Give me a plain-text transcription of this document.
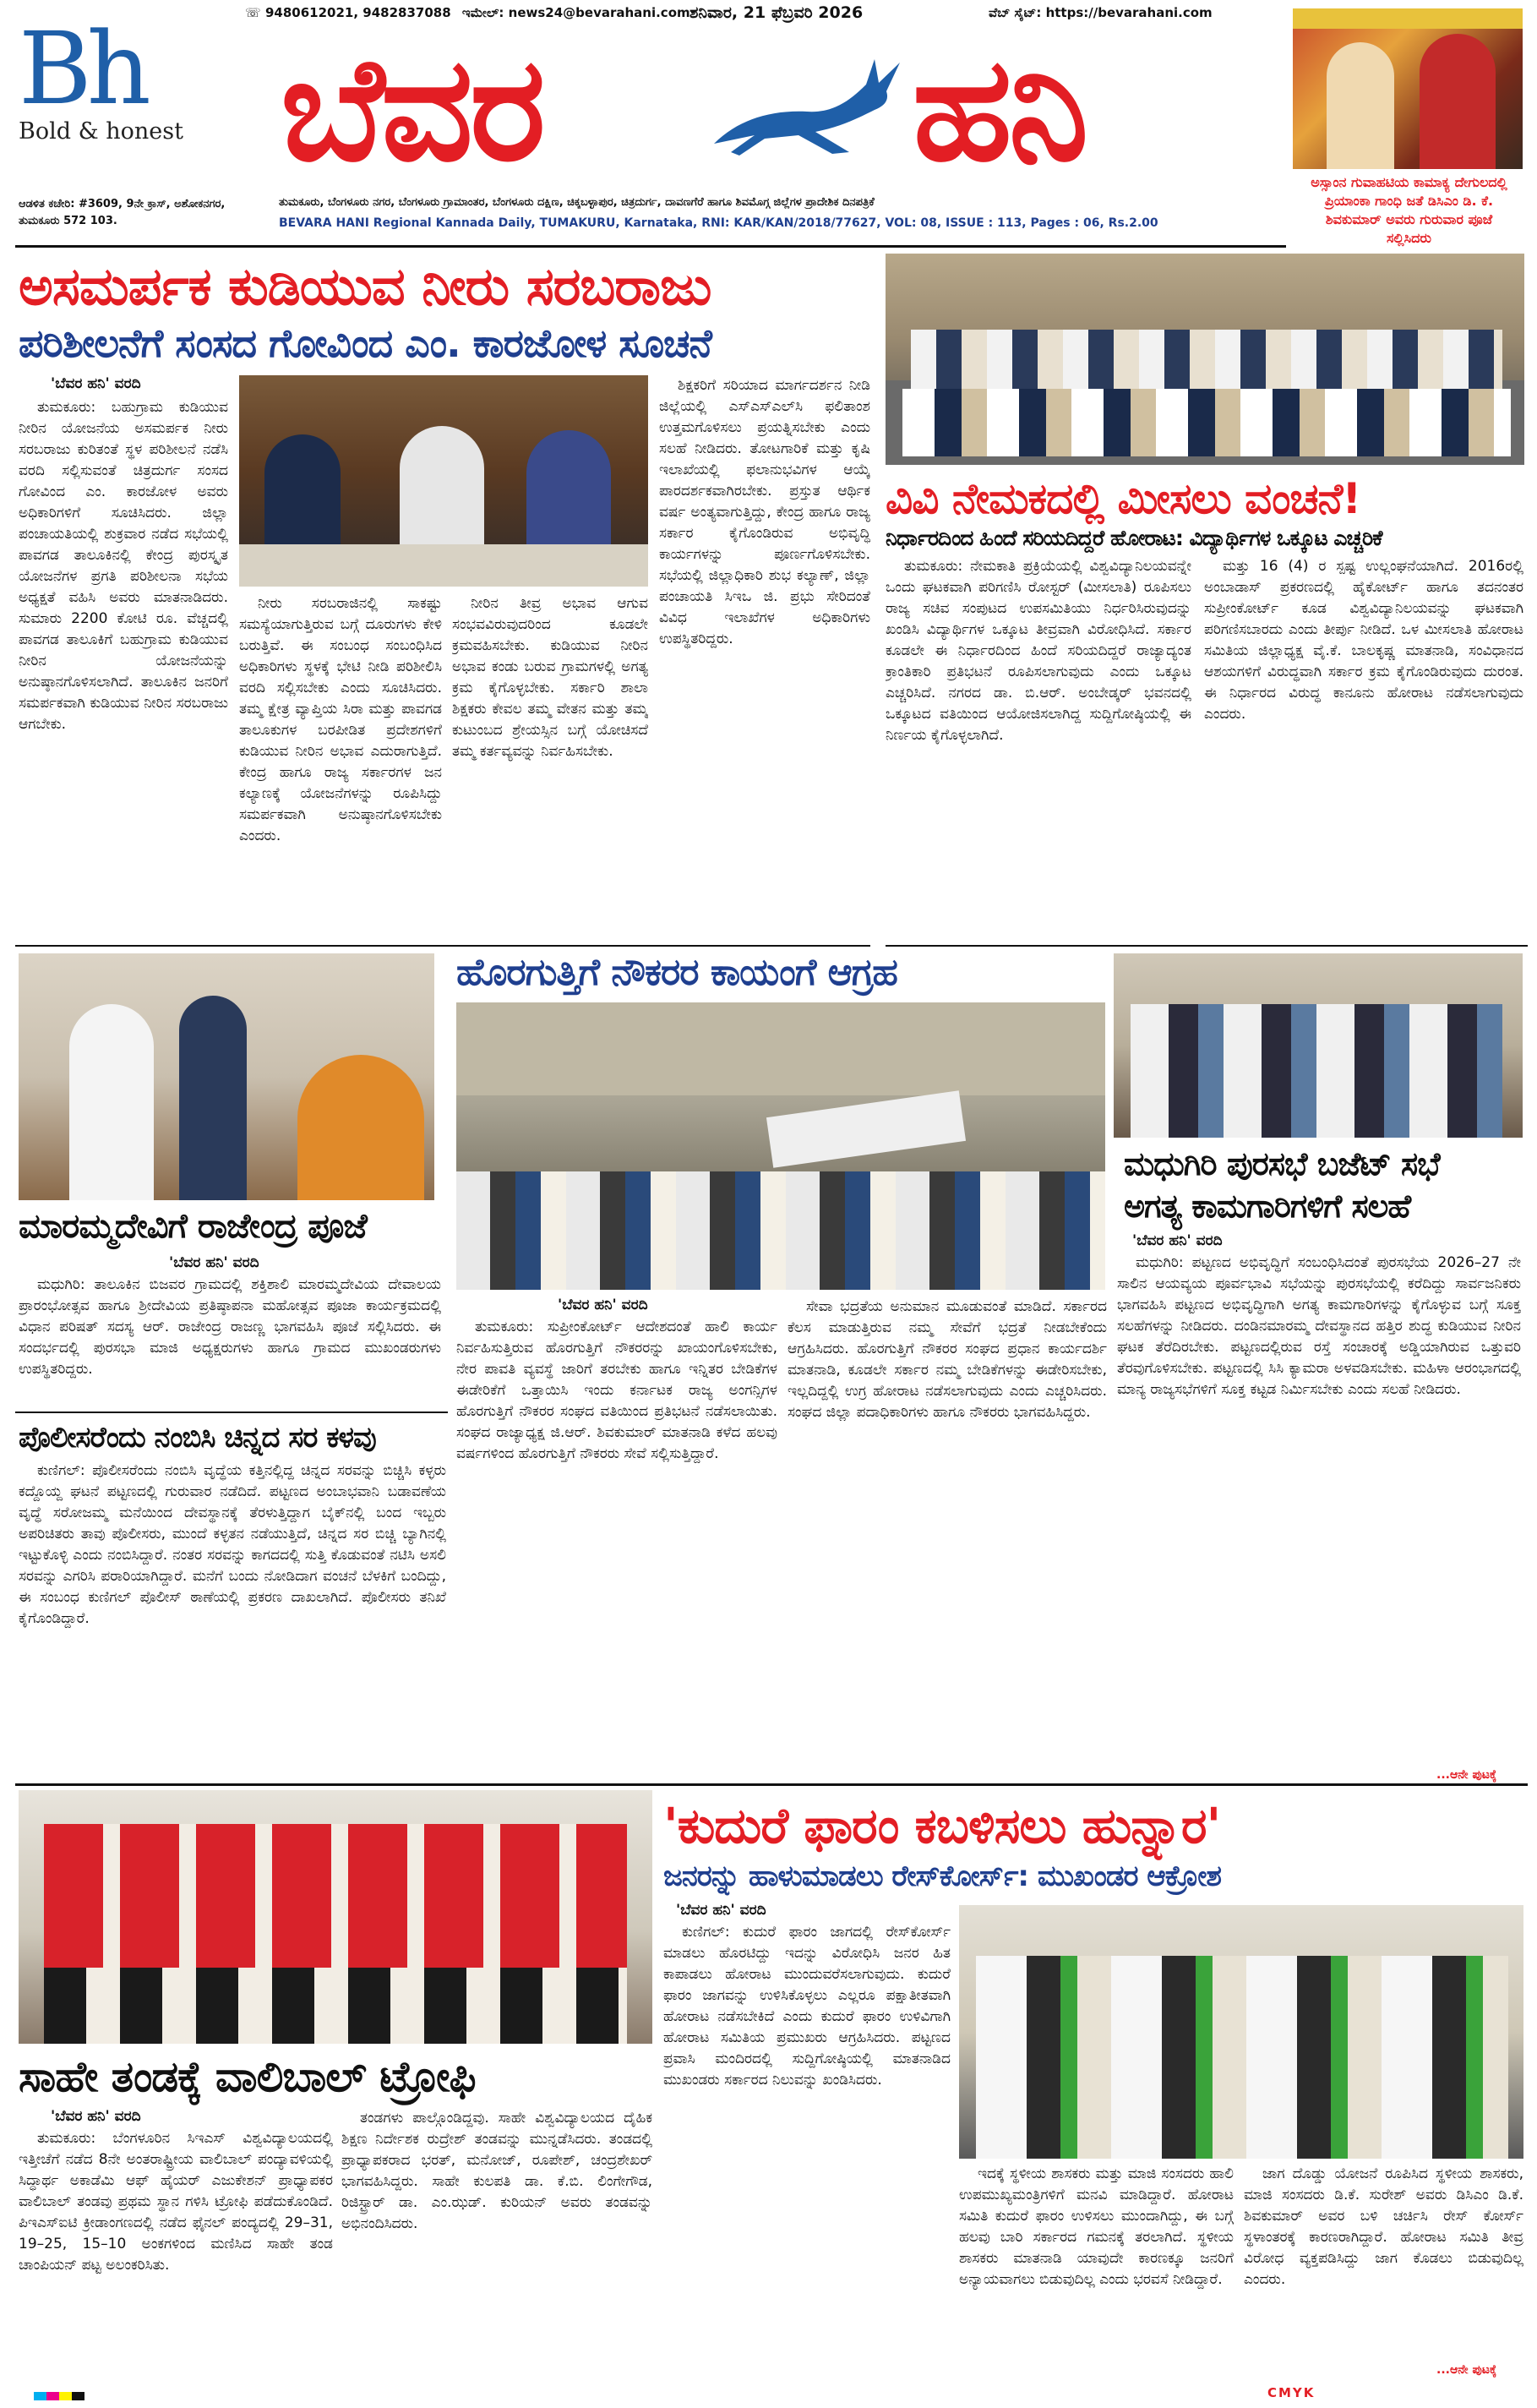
Bh
Bold & honest
☏ 9480612021, 9482837088 ಇಮೇಲ್: news24@bevarahani.com ಶನಿವಾರ, 21 ಫೆಬ್ರವರಿ 2026	ವೆಬ್ ಸೈಟ್: https://bevarahani.com
ಬೆವರ	ಹನಿ	ಅಸ್ಸಾಂನ ಗುವಾಹಟಿಯ ಕಾಮಾಕ್ಯ ದೇಗುಲದಲ್ಲಿ ಪ್ರಿಯಾಂಕಾ ಗಾಂಧಿ ಜತೆ ಡಿಸಿಎಂ ಡಿ. ಕೆ. ಶಿವಕುಮಾರ್ ಅವರು ಗುರುವಾರ ಪೂಜೆ ಸಲ್ಲಿಸಿದರು
ಆಡಳಿತ ಕಚೇರಿ: #3609, 9ನೇ ಕ್ರಾಸ್, ಅಶೋಕನಗರ, ತುಮಕೂರು 572 103.
ತುಮಕೂರು, ಬೆಂಗಳೂರು ನಗರ, ಬೆಂಗಳೂರು ಗ್ರಾಮಾಂತರ, ಬೆಂಗಳೂರು ದಕ್ಷಿಣ, ಚಿಕ್ಕಬಳ್ಳಾಪುರ, ಚಿತ್ರದುರ್ಗ, ದಾವಣಗೆರೆ ಹಾಗೂ ಶಿವಮೊಗ್ಗ ಜಿಲ್ಲೆಗಳ ಪ್ರಾದೇಶಿಕ ದಿನಪತ್ರಿಕೆ
BEVARA HANI Regional Kannada Daily, TUMAKURU, Karnataka, RNI: KAR/KAN/2018/77627, VOL: 08, ISSUE : 113, Pages : 06, Rs.2.00
ಅಸಮರ್ಪಕ ಕುಡಿಯುವ ನೀರು ಸರಬರಾಜು
ಪರಿಶೀಲನೆಗೆ ಸಂಸದ ಗೋವಿಂದ ಎಂ. ಕಾರಜೋಳ ಸೂಚನೆ
'ಬೆವರ ಹನಿ' ವರದಿ

ತುಮಕೂರು: ಬಹುಗ್ರಾಮ ಕುಡಿಯುವ ನೀರಿನ ಯೋಜನೆಯ ಅಸಮರ್ಪಕ ನೀರು ಸರಬರಾಜು ಕುರಿತಂತೆ ಸ್ಥಳ ಪರಿಶೀಲನೆ ನಡೆಸಿ ವರದಿ ಸಲ್ಲಿಸುವಂತೆ ಚಿತ್ರದುರ್ಗ ಸಂಸದ ಗೋವಿಂದ ಎಂ. ಕಾರಜೋಳ ಅವರು ಅಧಿಕಾರಿಗಳಿಗೆ ಸೂಚಿಸಿದರು. ಜಿಲ್ಲಾ ಪಂಚಾಯತಿಯಲ್ಲಿ ಶುಕ್ರವಾರ ನಡೆದ ಸಭೆಯಲ್ಲಿ ಪಾವಗಡ ತಾಲೂಕಿನಲ್ಲಿ ಕೇಂದ್ರ ಪುರಸ್ಕೃತ ಯೋಜನೆಗಳ ಪ್ರಗತಿ ಪರಿಶೀಲನಾ ಸಭೆಯ ಅಧ್ಯಕ್ಷತೆ ವಹಿಸಿ ಅವರು ಮಾತನಾಡಿದರು. ಸುಮಾರು 2200 ಕೋಟಿ ರೂ. ವೆಚ್ಚದಲ್ಲಿ ಪಾವಗಡ ತಾಲೂಕಿಗೆ ಬಹುಗ್ರಾಮ ಕುಡಿಯುವ ನೀರಿನ ಯೋಜನೆಯನ್ನು ಅನುಷ್ಠಾನಗೊಳಿಸಲಾಗಿದೆ. ತಾಲೂಕಿನ ಜನರಿಗೆ ಸಮರ್ಪಕವಾಗಿ ಕುಡಿಯುವ ನೀರಿನ ಸರಬರಾಜು ಆಗಬೇಕು.

ನೀರು ಸರಬರಾಜಿನಲ್ಲಿ ಸಾಕಷ್ಟು ಸಮಸ್ಯೆಯಾಗುತ್ತಿರುವ ಬಗ್ಗೆ ದೂರುಗಳು ಕೇಳಿ ಬರುತ್ತಿವೆ. ಈ ಸಂಬಂಧ ಸಂಬಂಧಿಸಿದ ಅಧಿಕಾರಿಗಳು ಸ್ಥಳಕ್ಕೆ ಭೇಟಿ ನೀಡಿ ಪರಿಶೀಲಿಸಿ ವರದಿ ಸಲ್ಲಿಸಬೇಕು ಎಂದು ಸೂಚಿಸಿದರು. ತಮ್ಮ ಕ್ಷೇತ್ರ ವ್ಯಾಪ್ತಿಯ ಸಿರಾ ಮತ್ತು ಪಾವಗಡ ತಾಲೂಕುಗಳ ಬರಪೀಡಿತ ಪ್ರದೇಶಗಳಿಗೆ ಕುಡಿಯುವ ನೀರಿನ ಅಭಾವ ಎದುರಾಗುತ್ತಿದೆ. ಕೇಂದ್ರ ಹಾಗೂ ರಾಜ್ಯ ಸರ್ಕಾರಗಳ ಜನ ಕಲ್ಯಾಣಕ್ಕೆ ಯೋಜನೆಗಳನ್ನು ರೂಪಿಸಿದ್ದು ಸಮರ್ಪಕವಾಗಿ ಅನುಷ್ಠಾನಗೊಳಿಸಬೇಕು ಎಂದರು.

ನೀರಿನ ತೀವ್ರ ಅಭಾವ ಆಗುವ ಸಂಭವವಿರುವುದರಿಂದ ಕೂಡಲೇ ಕ್ರಮವಹಿಸಬೇಕು. ಕುಡಿಯುವ ನೀರಿನ ಅಭಾವ ಕಂಡು ಬರುವ ಗ್ರಾಮಗಳಲ್ಲಿ ಅಗತ್ಯ ಕ್ರಮ ಕೈಗೊಳ್ಳಬೇಕು. ಸರ್ಕಾರಿ ಶಾಲಾ ಶಿಕ್ಷಕರು ಕೇವಲ ತಮ್ಮ ವೇತನ ಮತ್ತು ತಮ್ಮ ಕುಟುಂಬದ ಶ್ರೇಯಸ್ಸಿನ ಬಗ್ಗೆ ಯೋಚಿಸದೆ ತಮ್ಮ ಕರ್ತವ್ಯವನ್ನು ನಿರ್ವಹಿಸಬೇಕು.

ಶಿಕ್ಷಕರಿಗೆ ಸರಿಯಾದ ಮಾರ್ಗದರ್ಶನ ನೀಡಿ ಜಿಲ್ಲೆಯಲ್ಲಿ ಎಸ್‌ಎಸ್‌ಎಲ್‌ಸಿ ಫಲಿತಾಂಶ ಉತ್ತಮಗೊಳಿಸಲು ಪ್ರಯತ್ನಿಸಬೇಕು ಎಂದು ಸಲಹೆ ನೀಡಿದರು. ತೋಟಗಾರಿಕೆ ಮತ್ತು ಕೃಷಿ ಇಲಾಖೆಯಲ್ಲಿ ಫಲಾನುಭವಿಗಳ ಆಯ್ಕೆ ಪಾರದರ್ಶಕವಾಗಿರಬೇಕು. ಪ್ರಸ್ತುತ ಆರ್ಥಿಕ ವರ್ಷ ಅಂತ್ಯವಾಗುತ್ತಿದ್ದು, ಕೇಂದ್ರ ಹಾಗೂ ರಾಜ್ಯ ಸರ್ಕಾರ ಕೈಗೊಂಡಿರುವ ಅಭಿವೃದ್ಧಿ ಕಾರ್ಯಗಳನ್ನು ಪೂರ್ಣಗೊಳಿಸಬೇಕು. ಸಭೆಯಲ್ಲಿ ಜಿಲ್ಲಾಧಿಕಾರಿ ಶುಭ ಕಲ್ಯಾಣ್, ಜಿಲ್ಲಾ ಪಂಚಾಯತಿ ಸಿಇಒ ಜಿ. ಪ್ರಭು ಸೇರಿದಂತೆ ವಿವಿಧ ಇಲಾಖೆಗಳ ಅಧಿಕಾರಿಗಳು ಉಪಸ್ಥಿತರಿದ್ದರು.

ವಿವಿ ನೇಮಕದಲ್ಲಿ ಮೀಸಲು ವಂಚನೆ!
ನಿರ್ಧಾರದಿಂದ ಹಿಂದೆ ಸರಿಯದಿದ್ದರೆ ಹೋರಾಟ: ವಿದ್ಯಾರ್ಥಿಗಳ ಒಕ್ಕೂಟ ಎಚ್ಚರಿಕೆ

ತುಮಕೂರು: ನೇಮಕಾತಿ ಪ್ರಕ್ರಿಯೆಯಲ್ಲಿ ವಿಶ್ವವಿದ್ಯಾನಿಲಯವನ್ನೇ ಒಂದು ಘಟಕವಾಗಿ ಪರಿಗಣಿಸಿ ರೋಸ್ಟರ್ (ಮೀಸಲಾತಿ) ರೂಪಿಸಲು ರಾಜ್ಯ ಸಚಿವ ಸಂಪುಟದ ಉಪಸಮಿತಿಯು ನಿರ್ಧರಿಸಿರುವುದನ್ನು ಖಂಡಿಸಿ ವಿದ್ಯಾರ್ಥಿಗಳ ಒಕ್ಕೂಟ ತೀವ್ರವಾಗಿ ವಿರೋಧಿಸಿದೆ. ಸರ್ಕಾರ ಕೂಡಲೇ ಈ ನಿರ್ಧಾರದಿಂದ ಹಿಂದೆ ಸರಿಯದಿದ್ದರೆ ರಾಜ್ಯಾದ್ಯಂತ ಕ್ರಾಂತಿಕಾರಿ ಪ್ರತಿಭಟನೆ ರೂಪಿಸಲಾಗುವುದು ಎಂದು ಒಕ್ಕೂಟ ಎಚ್ಚರಿಸಿದೆ. ನಗರದ ಡಾ. ಬಿ.ಆರ್. ಅಂಬೇಡ್ಕರ್ ಭವನದಲ್ಲಿ ಒಕ್ಕೂಟದ ವತಿಯಿಂದ ಆಯೋಜಿಸಲಾಗಿದ್ದ ಸುದ್ದಿಗೋಷ್ಠಿಯಲ್ಲಿ ಈ ನಿರ್ಣಯ ಕೈಗೊಳ್ಳಲಾಗಿದೆ.

ಮತ್ತು 16 (4) ರ ಸ್ಪಷ್ಟ ಉಲ್ಲಂಘನೆಯಾಗಿದೆ. 2016ರಲ್ಲಿ ಅಂಬಾಡಾಸ್ ಪ್ರಕರಣದಲ್ಲಿ ಹೈಕೋರ್ಟ್ ಹಾಗೂ ತದನಂತರ ಸುಪ್ರೀಂಕೋರ್ಟ್ ಕೂಡ ವಿಶ್ವವಿದ್ಯಾನಿಲಯವನ್ನು ಘಟಕವಾಗಿ ಪರಿಗಣಿಸಬಾರದು ಎಂದು ತೀರ್ಪು ನೀಡಿದೆ. ಒಳ ಮೀಸಲಾತಿ ಹೋರಾಟ ಸಮಿತಿಯ ಜಿಲ್ಲಾಧ್ಯಕ್ಷ ವೈ.ಕೆ. ಬಾಲಕೃಷ್ಣ ಮಾತನಾಡಿ, ಸಂವಿಧಾನದ ಆಶಯಗಳಿಗೆ ವಿರುದ್ಧವಾಗಿ ಸರ್ಕಾರ ಕ್ರಮ ಕೈಗೊಂಡಿರುವುದು ದುರಂತ. ಈ ನಿರ್ಧಾರದ ವಿರುದ್ಧ ಕಾನೂನು ಹೋರಾಟ ನಡೆಸಲಾಗುವುದು ಎಂದರು.

ಮಾರಮ್ಮದೇವಿಗೆ ರಾಜೇಂದ್ರ ಪೂಜೆ
'ಬೆವರ ಹನಿ' ವರದಿ

ಮಧುಗಿರಿ: ತಾಲೂಕಿನ ಬಿಜವರ ಗ್ರಾಮದಲ್ಲಿ ಶಕ್ತಿಶಾಲಿ ಮಾರಮ್ಮದೇವಿಯ ದೇವಾಲಯ ಪ್ರಾರಂಭೋತ್ಸವ ಹಾಗೂ ಶ್ರೀದೇವಿಯ ಪ್ರತಿಷ್ಠಾಪನಾ ಮಹೋತ್ಸವ ಪೂಜಾ ಕಾರ್ಯಕ್ರಮದಲ್ಲಿ ವಿಧಾನ ಪರಿಷತ್ ಸದಸ್ಯ ಆರ್. ರಾಜೇಂದ್ರ ರಾಜಣ್ಣ ಭಾಗವಹಿಸಿ ಪೂಜೆ ಸಲ್ಲಿಸಿದರು. ಈ ಸಂದರ್ಭದಲ್ಲಿ ಪುರಸಭಾ ಮಾಜಿ ಅಧ್ಯಕ್ಷರುಗಳು ಹಾಗೂ ಗ್ರಾಮದ ಮುಖಂಡರುಗಳು ಉಪಸ್ಥಿತರಿದ್ದರು.

ಹೊರಗುತ್ತಿಗೆ ನೌಕರರ ಕಾಯಂಗೆ ಆಗ್ರಹ
'ಬೆವರ ಹನಿ' ವರದಿ

ತುಮಕೂರು: ಸುಪ್ರೀಂಕೋರ್ಟ್ ಆದೇಶದಂತೆ ಹಾಲಿ ಕಾರ್ಯ ನಿರ್ವಹಿಸುತ್ತಿರುವ ಹೊರಗುತ್ತಿಗೆ ನೌಕರರನ್ನು ಖಾಯಂಗೊಳಿಸಬೇಕು, ನೇರ ಪಾವತಿ ವ್ಯವಸ್ಥೆ ಜಾರಿಗೆ ತರಬೇಕು ಹಾಗೂ ಇನ್ನಿತರ ಬೇಡಿಕೆಗಳ ಈಡೇರಿಕೆಗೆ ಒತ್ತಾಯಿಸಿ ಇಂದು ಕರ್ನಾಟಕ ರಾಜ್ಯ ಅಂಗನ್ಸಿಗಳ ಹೊರಗುತ್ತಿಗೆ ನೌಕರರ ಸಂಘದ ವತಿಯಿಂದ ಪ್ರತಿಭಟನೆ ನಡೆಸಲಾಯಿತು. ಸಂಘದ ರಾಜ್ಯಾಧ್ಯಕ್ಷ ಜಿ.ಆರ್. ಶಿವಕುಮಾರ್ ಮಾತನಾಡಿ ಕಳೆದ ಹಲವು ವರ್ಷಗಳಿಂದ ಹೊರಗುತ್ತಿಗೆ ನೌಕರರು ಸೇವೆ ಸಲ್ಲಿಸುತ್ತಿದ್ದಾರೆ.

ಸೇವಾ ಭದ್ರತೆಯ ಅನುಮಾನ ಮೂಡುವಂತೆ ಮಾಡಿದೆ. ಸರ್ಕಾರದ ಕೆಲಸ ಮಾಡುತ್ತಿರುವ ನಮ್ಮ ಸೇವೆಗೆ ಭದ್ರತೆ ನೀಡಬೇಕೆಂದು ಆಗ್ರಹಿಸಿದರು. ಹೊರಗುತ್ತಿಗೆ ನೌಕರರ ಸಂಘದ ಪ್ರಧಾನ ಕಾರ್ಯದರ್ಶಿ ಮಾತನಾಡಿ, ಕೂಡಲೇ ಸರ್ಕಾರ ನಮ್ಮ ಬೇಡಿಕೆಗಳನ್ನು ಈಡೇರಿಸಬೇಕು, ಇಲ್ಲದಿದ್ದಲ್ಲಿ ಉಗ್ರ ಹೋರಾಟ ನಡೆಸಲಾಗುವುದು ಎಂದು ಎಚ್ಚರಿಸಿದರು. ಸಂಘದ ಜಿಲ್ಲಾ ಪದಾಧಿಕಾರಿಗಳು ಹಾಗೂ ನೌಕರರು ಭಾಗವಹಿಸಿದ್ದರು.

ಮಧುಗಿರಿ ಪುರಸಭೆ ಬಜೆಟ್ ಸಭೆ
ಅಗತ್ಯ ಕಾಮಗಾರಿಗಳಿಗೆ ಸಲಹೆ
'ಬೆವರ ಹನಿ' ವರದಿ

ಮಧುಗಿರಿ: ಪಟ್ಟಣದ ಅಭಿವೃದ್ಧಿಗೆ ಸಂಬಂಧಿಸಿದಂತೆ ಪುರಸಭೆಯ 2026–27 ನೇ ಸಾಲಿನ ಆಯವ್ಯಯ ಪೂರ್ವಭಾವಿ ಸಭೆಯನ್ನು ಪುರಸಭೆಯಲ್ಲಿ ಕರೆದಿದ್ದು ಸಾರ್ವಜನಿಕರು ಭಾಗವಹಿಸಿ ಪಟ್ಟಣದ ಅಭಿವೃದ್ಧಿಗಾಗಿ ಅಗತ್ಯ ಕಾಮಗಾರಿಗಳನ್ನು ಕೈಗೊಳ್ಳುವ ಬಗ್ಗೆ ಸೂಕ್ತ ಸಲಹೆಗಳನ್ನು ನೀಡಿದರು. ದಂಡಿನಮಾರಮ್ಮ ದೇವಸ್ಥಾನದ ಹತ್ತಿರ ಶುದ್ಧ ಕುಡಿಯುವ ನೀರಿನ ಘಟಕ ತೆರೆದಿರಬೇಕು. ಪಟ್ಟಣದಲ್ಲಿರುವ ರಸ್ತೆ ಸಂಚಾರಕ್ಕೆ ಅಡ್ಡಿಯಾಗಿರುವ ಒತ್ತುವರಿ ತೆರವುಗೊಳಿಸಬೇಕು. ಪಟ್ಟಣದಲ್ಲಿ ಸಿಸಿ ಕ್ಯಾಮರಾ ಅಳವಡಿಸಬೇಕು. ಮಹಿಳಾ ಆರಂಭಾಗದಲ್ಲಿ ಮಾನ್ಯ ರಾಜ್ಯಸಭೆಗಳಿಗೆ ಸೂಕ್ತ ಕಟ್ಟಡ ನಿರ್ಮಿಸಬೇಕು ಎಂದು ಸಲಹೆ ನೀಡಿದರು.

...ಆನೇ ಪುಟಕ್ಕೆ
ಪೊಲೀಸರೆಂದು ನಂಬಿಸಿ ಚಿನ್ನದ ಸರ ಕಳವು

ಕುಣಿಗಲ್: ಪೊಲೀಸರೆಂದು ನಂಬಿಸಿ ವೃದ್ಧೆಯ ಕತ್ತಿನಲ್ಲಿದ್ದ ಚಿನ್ನದ ಸರವನ್ನು ಬಿಚ್ಚಿಸಿ ಕಳ್ಳರು ಕದ್ದೊಯ್ದ ಘಟನೆ ಪಟ್ಟಣದಲ್ಲಿ ಗುರುವಾರ ನಡೆದಿದೆ. ಪಟ್ಟಣದ ಅಂಬಾಭವಾನಿ ಬಡಾವಣೆಯ ವೃದ್ಧೆ ಸರೋಜಮ್ಮ ಮನೆಯಿಂದ ದೇವಸ್ಥಾನಕ್ಕೆ ತೆರಳುತ್ತಿದ್ದಾಗ ಬೈಕ್‌ನಲ್ಲಿ ಬಂದ ಇಬ್ಬರು ಅಪರಿಚಿತರು ತಾವು ಪೊಲೀಸರು, ಮುಂದೆ ಕಳ್ಳತನ ನಡೆಯುತ್ತಿದೆ, ಚಿನ್ನದ ಸರ ಬಿಚ್ಚಿ ಬ್ಯಾಗಿನಲ್ಲಿ ಇಟ್ಟುಕೊಳ್ಳಿ ಎಂದು ನಂಬಿಸಿದ್ದಾರೆ. ನಂತರ ಸರವನ್ನು ಕಾಗದದಲ್ಲಿ ಸುತ್ತಿ ಕೊಡುವಂತೆ ನಟಿಸಿ ಅಸಲಿ ಸರವನ್ನು ಎಗರಿಸಿ ಪರಾರಿಯಾಗಿದ್ದಾರೆ. ಮನೆಗೆ ಬಂದು ನೋಡಿದಾಗ ವಂಚನೆ ಬೆಳಕಿಗೆ ಬಂದಿದ್ದು, ಈ ಸಂಬಂಧ ಕುಣಿಗಲ್ ಪೊಲೀಸ್ ಠಾಣೆಯಲ್ಲಿ ಪ್ರಕರಣ ದಾಖಲಾಗಿದೆ. ಪೊಲೀಸರು ತನಿಖೆ ಕೈಗೊಂಡಿದ್ದಾರೆ.

ಸಾಹೇ ತಂಡಕ್ಕೆ ವಾಲಿಬಾಲ್ ಟ್ರೋಫಿ
'ಬೆವರ ಹನಿ' ವರದಿ

ತುಮಕೂರು: ಬೆಂಗಳೂರಿನ ಸಿಇಎಸ್ ವಿಶ್ವವಿದ್ಯಾಲಯದಲ್ಲಿ ಇತ್ತೀಚೆಗೆ ನಡೆದ 8ನೇ ಅಂತರಾಷ್ಟ್ರೀಯ ವಾಲಿಬಾಲ್ ಪಂದ್ಯಾವಳಿಯಲ್ಲಿ ಸಿದ್ಧಾರ್ಥ ಅಕಾಡೆಮಿ ಆಫ್ ಹೈಯರ್ ಎಜುಕೇಶನ್‌ ಪ್ರಾಧ್ಯಾಪಕರ ವಾಲಿಬಾಲ್ ತಂಡವು ಪ್ರಥಮ ಸ್ಥಾನ ಗಳಿಸಿ ಟ್ರೋಫಿ ಪಡೆದುಕೊಂಡಿದೆ. ಪಿಇಎಸ್‌ಐಟಿ ಕ್ರೀಡಾಂಗಣದಲ್ಲಿ ನಡೆದ ಫೈನಲ್ ಪಂದ್ಯದಲ್ಲಿ 29–31, 19–25, 15–10 ಅಂಕಗಳಿಂದ ಮಣಿಸಿದ ಸಾಹೇ ತಂಡ ಚಾಂಪಿಯನ್ ಪಟ್ಟ ಅಲಂಕರಿಸಿತು.

ತಂಡಗಳು ಪಾಲ್ಗೊಂಡಿದ್ದವು. ಸಾಹೇ ವಿಶ್ವವಿದ್ಯಾಲಯದ ದೈಹಿಕ ಶಿಕ್ಷಣ ನಿರ್ದೇಶಕ ರುದ್ರೇಶ್ ತಂಡವನ್ನು ಮುನ್ನಡೆಸಿದರು. ತಂಡದಲ್ಲಿ ಪ್ರಾಧ್ಯಾಪಕರಾದ ಭರತ್, ಮನೋಜ್, ರೂಪೇಶ್, ಚಂದ್ರಶೇಖರ್ ಭಾಗವಹಿಸಿದ್ದರು. ಸಾಹೇ ಕುಲಪತಿ ಡಾ. ಕೆ.ಬಿ. ಲಿಂಗೇಗೌಡ, ರಿಜಿಸ್ಟ್ರಾರ್ ಡಾ. ಎಂ.ಝಡ್. ಕುರಿಯನ್ ಅವರು ತಂಡವನ್ನು ಅಭಿನಂದಿಸಿದರು.

'ಕುದುರೆ ಫಾರಂ ಕಬಳಿಸಲು ಹುನ್ನಾರ'
ಜನರನ್ನು ಹಾಳುಮಾಡಲು ರೇಸ್‌ಕೋರ್ಸ್: ಮುಖಂಡರ ಆಕ್ರೋಶ
'ಬೆವರ ಹನಿ' ವರದಿ

ಕುಣಿಗಲ್: ಕುದುರೆ ಫಾರಂ ಜಾಗದಲ್ಲಿ ರೇಸ್‌ಕೋರ್ಸ್ ಮಾಡಲು ಹೊರಟಿದ್ದು ಇದನ್ನು ವಿರೋಧಿಸಿ ಜನರ ಹಿತ ಕಾಪಾಡಲು ಹೋರಾಟ ಮುಂದುವರೆಸಲಾಗುವುದು. ಕುದುರೆ ಫಾರಂ ಜಾಗವನ್ನು ಉಳಿಸಿಕೊಳ್ಳಲು ಎಲ್ಲರೂ ಪಕ್ಷಾತೀತವಾಗಿ ಹೋರಾಟ ನಡೆಸಬೇಕಿದೆ ಎಂದು ಕುದುರೆ ಫಾರಂ ಉಳಿವಿಗಾಗಿ ಹೋರಾಟ ಸಮಿತಿಯ ಪ್ರಮುಖರು ಆಗ್ರಹಿಸಿದರು. ಪಟ್ಟಣದ ಪ್ರವಾಸಿ ಮಂದಿರದಲ್ಲಿ ಸುದ್ದಿಗೋಷ್ಠಿಯಲ್ಲಿ ಮಾತನಾಡಿದ ಮುಖಂಡರು ಸರ್ಕಾರದ ನಿಲುವನ್ನು ಖಂಡಿಸಿದರು.

ಇದಕ್ಕೆ ಸ್ಥಳೀಯ ಶಾಸಕರು ಮತ್ತು ಮಾಜಿ ಸಂಸದರು ಹಾಲಿ ಉಪಮುಖ್ಯಮಂತ್ರಿಗಳಿಗೆ ಮನವಿ ಮಾಡಿದ್ದಾರೆ. ಹೋರಾಟ ಸಮಿತಿ ಕುದುರೆ ಫಾರಂ ಉಳಿಸಲು ಮುಂದಾಗಿದ್ದು, ಈ ಬಗ್ಗೆ ಹಲವು ಬಾರಿ ಸರ್ಕಾರದ ಗಮನಕ್ಕೆ ತರಲಾಗಿದೆ. ಸ್ಥಳೀಯ ಶಾಸಕರು ಮಾತನಾಡಿ ಯಾವುದೇ ಕಾರಣಕ್ಕೂ ಜನರಿಗೆ ಅನ್ಯಾಯವಾಗಲು ಬಿಡುವುದಿಲ್ಲ ಎಂದು ಭರವಸೆ ನೀಡಿದ್ದಾರೆ.

ಜಾಗ ದೊಡ್ಡು ಯೋಜನೆ ರೂಪಿಸಿದ ಸ್ಥಳೀಯ ಶಾಸಕರು, ಮಾಜಿ ಸಂಸದರು ಡಿ.ಕೆ. ಸುರೇಶ್ ಅವರು ಡಿಸಿಎಂ ಡಿ.ಕೆ. ಶಿವಕುಮಾರ್ ಅವರ ಬಳಿ ಚರ್ಚಿಸಿ ರೇಸ್ ಕೋರ್ಸ್ ಸ್ಥಳಾಂತರಕ್ಕೆ ಕಾರಣರಾಗಿದ್ದಾರೆ. ಹೋರಾಟ ಸಮಿತಿ ತೀವ್ರ ವಿರೋಧ ವ್ಯಕ್ತಪಡಿಸಿದ್ದು ಜಾಗ ಕೊಡಲು ಬಿಡುವುದಿಲ್ಲ ಎಂದರು.

...ಆನೇ ಪುಟಕ್ಕೆ
CMYK
